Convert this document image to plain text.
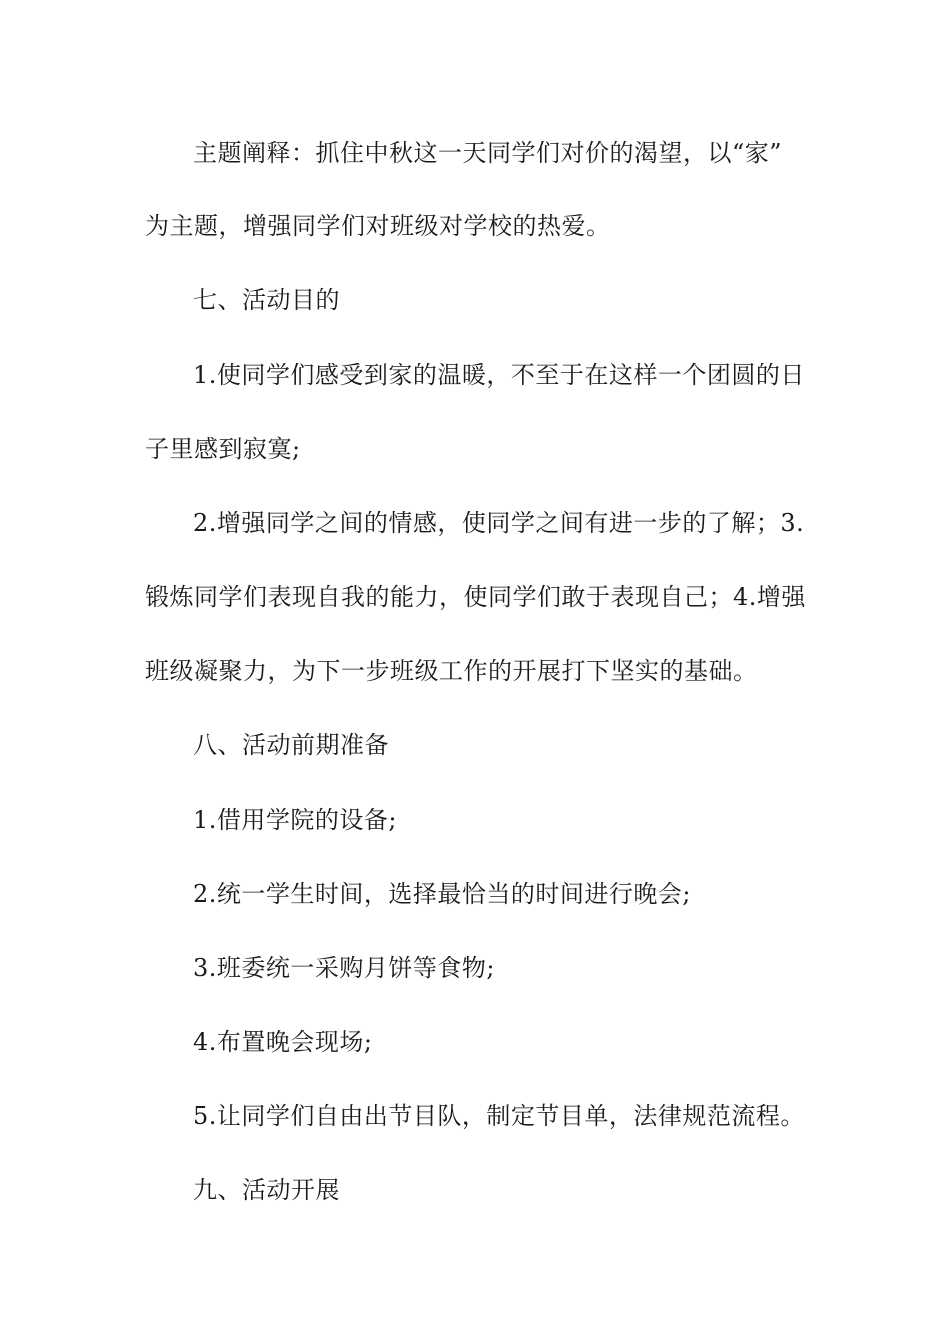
主题阐释：抓住中秋这一天同学们对价的渴望，以“家”
为主题，增强同学们对班级对学校的热爱。
七、活动目的
1.使同学们感受到家的温暖，不至于在这样一个团圆的日
子里感到寂寞;
2.增强同学之间的情感，使同学之间有进一步的了解；3.
锻炼同学们表现自我的能力，使同学们敢于表现自己；4.增强
班级凝聚力，为下一步班级工作的开展打下坚实的基础。
八、活动前期准备
1.借用学院的设备;
2.统一学生时间，选择最恰当的时间进行晚会;
3.班委统一采购月饼等食物;
4.布置晚会现场;
5.让同学们自由出节目队，制定节目单，法律规范流程。
九、活动开展
